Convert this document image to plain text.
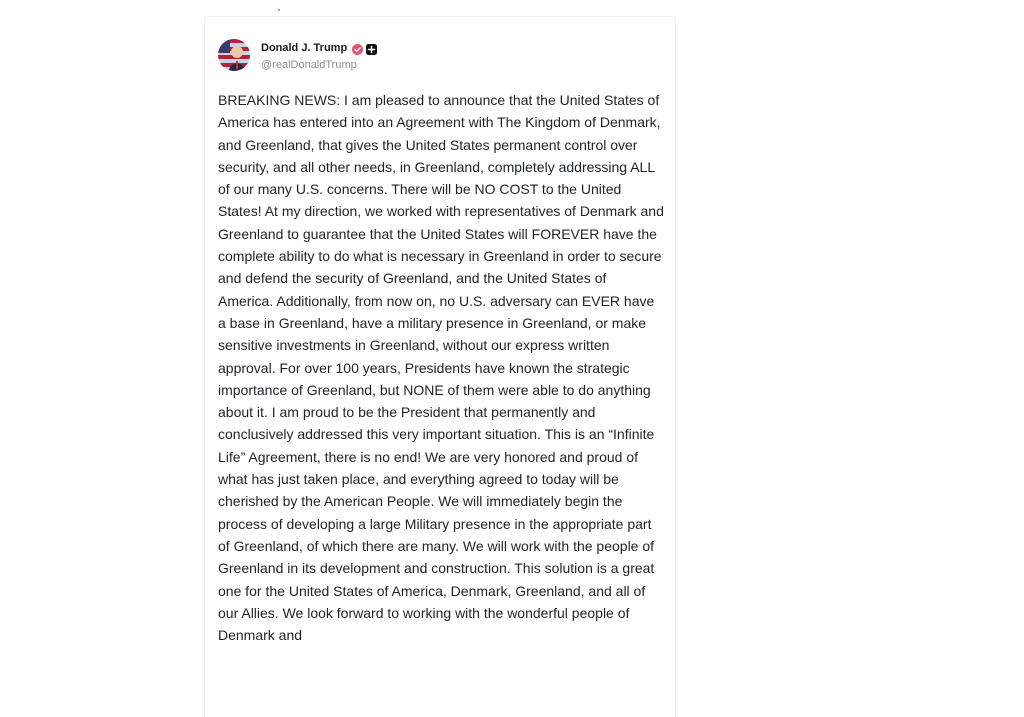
Donald J. Trump
@realDonaldTrump

BREAKING NEWS: I am pleased to announce that the United States of America has entered into an Agreement with The Kingdom of Denmark, and Greenland, that gives the United States permanent control over security, and all other needs, in Greenland, completely addressing ALL of our many U.S. concerns. There will be NO COST to the United States! At my direction, we worked with representatives of Denmark and Greenland to guarantee that the United States will FOREVER have the complete ability to do what is necessary in Greenland in order to secure and defend the security of Greenland, and the United States of America. Additionally, from now on, no U.S. adversary can EVER have a base in Greenland, have a military presence in Greenland, or make sensitive investments in Greenland, without our express written approval. For over 100 years, Presidents have known the strategic importance of Greenland, but NONE of them were able to do anything about it. I am proud to be the President that permanently and conclusively addressed this very important situation. This is an “Infinite Life” Agreement, there is no end! We are very honored and proud of what has just taken place, and everything agreed to today will be cherished by the American People. We will immediately begin the process of developing a large Military presence in the appropriate part of Greenland, of which there are many. We will work with the people of Greenland in its development and construction. This solution is a great one for the United States of America, Denmark, Greenland, and all of our Allies. We look forward to working with the wonderful people of Denmark and
